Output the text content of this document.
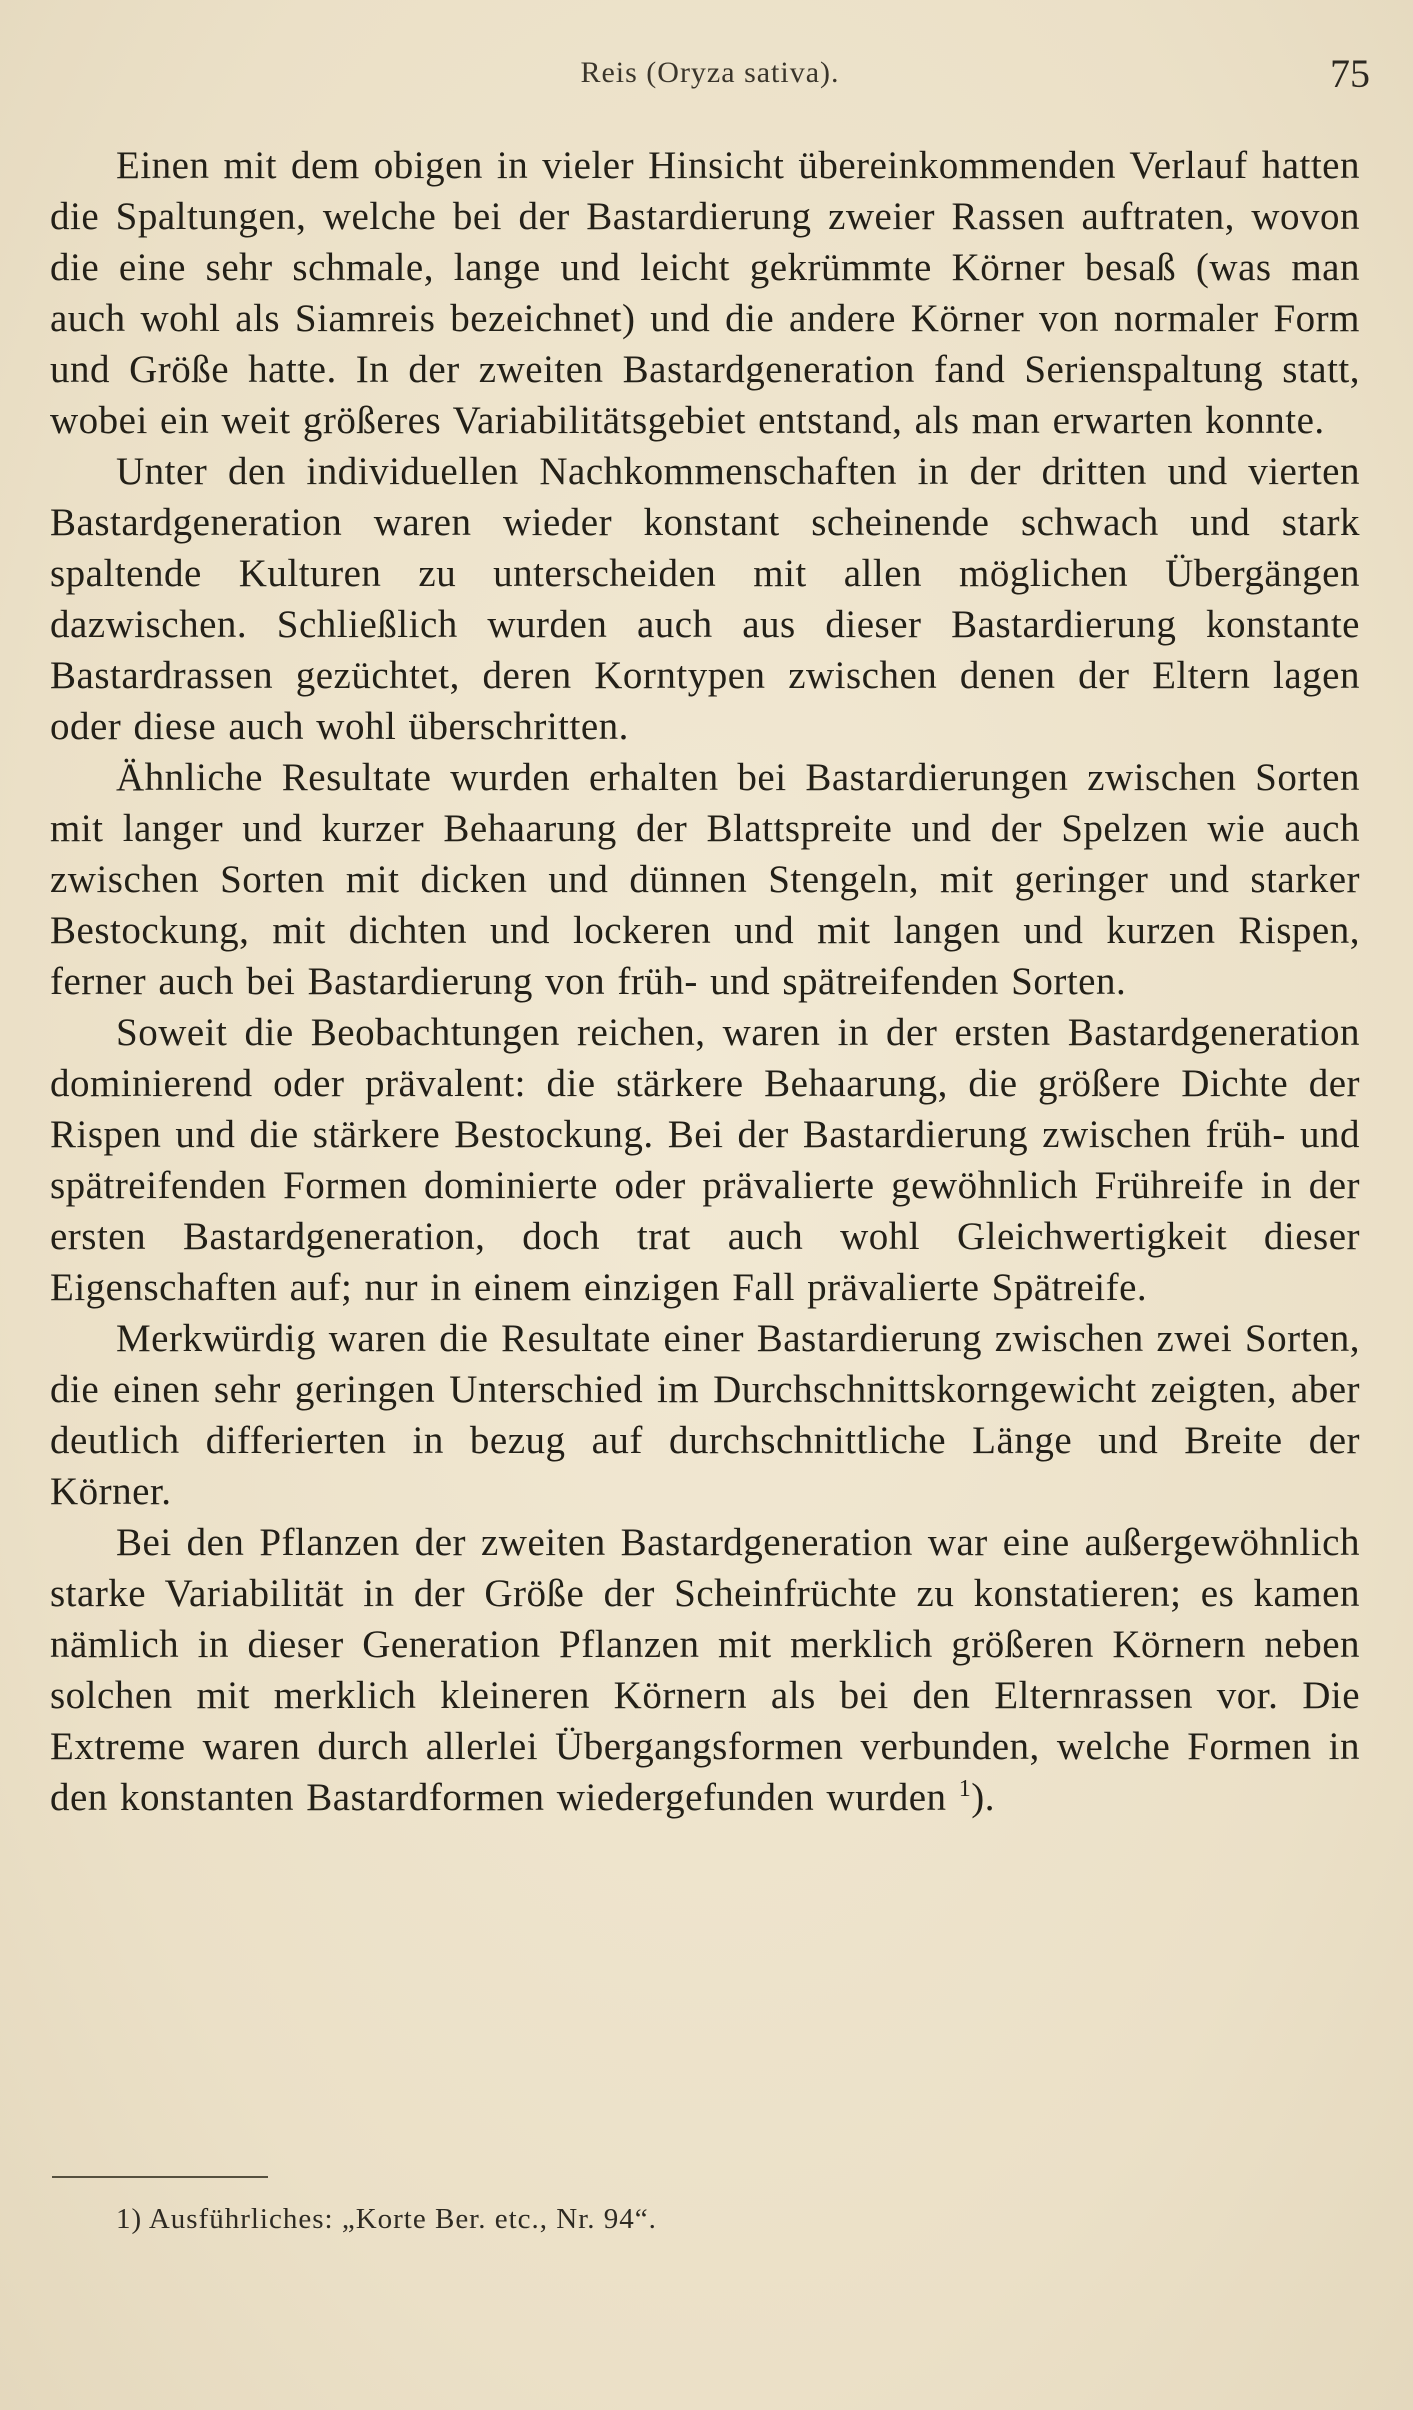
Reis (Oryza sativa).	75

Einen mit dem obigen in vieler Hinsicht übereinkommenden Verlauf hatten die Spaltungen, welche bei der Bastardierung zweier Rassen auftraten, wovon die eine sehr schmale, lange und leicht gekrümmte Körner besaß (was man auch wohl als Siamreis bezeichnet) und die andere Körner von normaler Form und Größe hatte. In der zweiten Bastardgeneration fand Serienspaltung statt, wobei ein weit größeres Variabilitätsgebiet entstand, als man erwarten konnte.

Unter den individuellen Nachkommenschaften in der dritten und vierten Bastardgeneration waren wieder konstant scheinende schwach und stark spaltende Kulturen zu unterscheiden mit allen möglichen Übergängen dazwischen. Schließlich wurden auch aus dieser Bastardierung konstante Bastardrassen gezüchtet, deren Korntypen zwischen denen der Eltern lagen oder diese auch wohl überschritten.

Ähnliche Resultate wurden erhalten bei Bastardierungen zwischen Sorten mit langer und kurzer Behaarung der Blattspreite und der Spelzen wie auch zwischen Sorten mit dicken und dünnen Stengeln, mit geringer und starker Bestockung, mit dichten und lockeren und mit langen und kurzen Rispen, ferner auch bei Bastardierung von früh- und spätreifenden Sorten.

Soweit die Beobachtungen reichen, waren in der ersten Bastardgeneration dominierend oder prävalent: die stärkere Behaarung, die größere Dichte der Rispen und die stärkere Bestockung. Bei der Bastardierung zwischen früh- und spätreifenden Formen dominierte oder prävalierte gewöhnlich Frühreife in der ersten Bastardgeneration, doch trat auch wohl Gleichwertigkeit dieser Eigenschaften auf; nur in einem einzigen Fall prävalierte Spätreife.

Merkwürdig waren die Resultate einer Bastardierung zwischen zwei Sorten, die einen sehr geringen Unterschied im Durchschnittskorngewicht zeigten, aber deutlich differierten in bezug auf durchschnittliche Länge und Breite der Körner.

Bei den Pflanzen der zweiten Bastardgeneration war eine außergewöhnlich starke Variabilität in der Größe der Scheinfrüchte zu konstatieren; es kamen nämlich in dieser Generation Pflanzen mit merklich größeren Körnern neben solchen mit merklich kleineren Körnern als bei den Elternrassen vor. Die Extreme waren durch allerlei Übergangsformen verbunden, welche Formen in den konstanten Bastardformen wiedergefunden wurden $^1$).

1) Ausführliches: „Korte Ber. etc., Nr. 94“.
